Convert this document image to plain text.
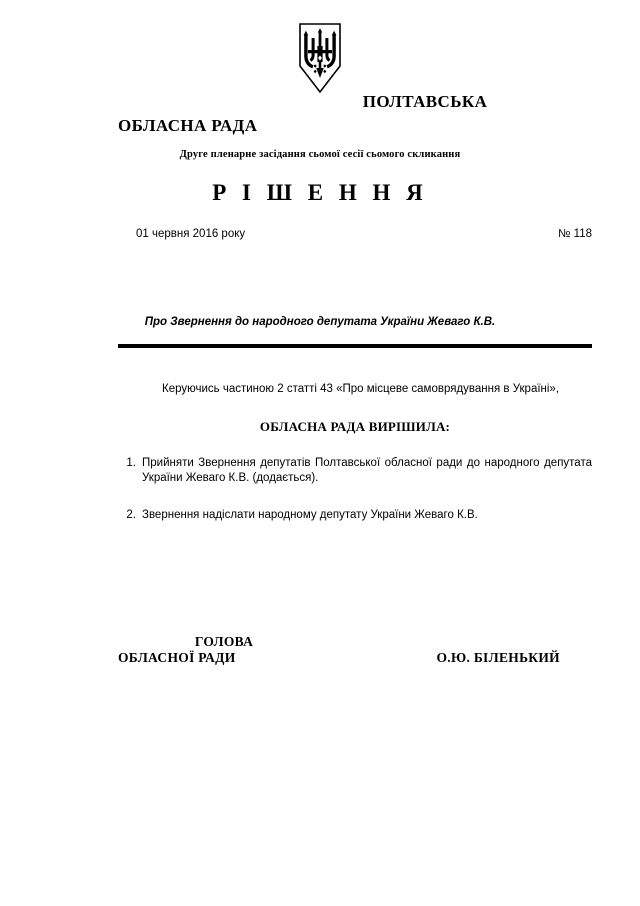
ПОЛТАВСЬКА
ОБЛАСНА РАДА
Друге пленарне засідання сьомої сесії сьомого скликання
Р І Ш Е Н Н Я
01 червня 2016 року	№ 118
Про Звернення до народного депутата України Жеваго К.В.

Керуючись частиною 2 статті 43 «Про місцеве самоврядування в Україні»,

ОБЛАСНА РАДА ВИРІШИЛА:

1. Прийняти Звернення депутатів Полтавської обласної ради до народного депутата України Жеваго К.В. (додається).
2. Звернення надіслати народному депутату України Жеваго К.В.
ГОЛОВА
ОБЛАСНОЇ РАДИ	О.Ю. БІЛЕНЬКИЙ
